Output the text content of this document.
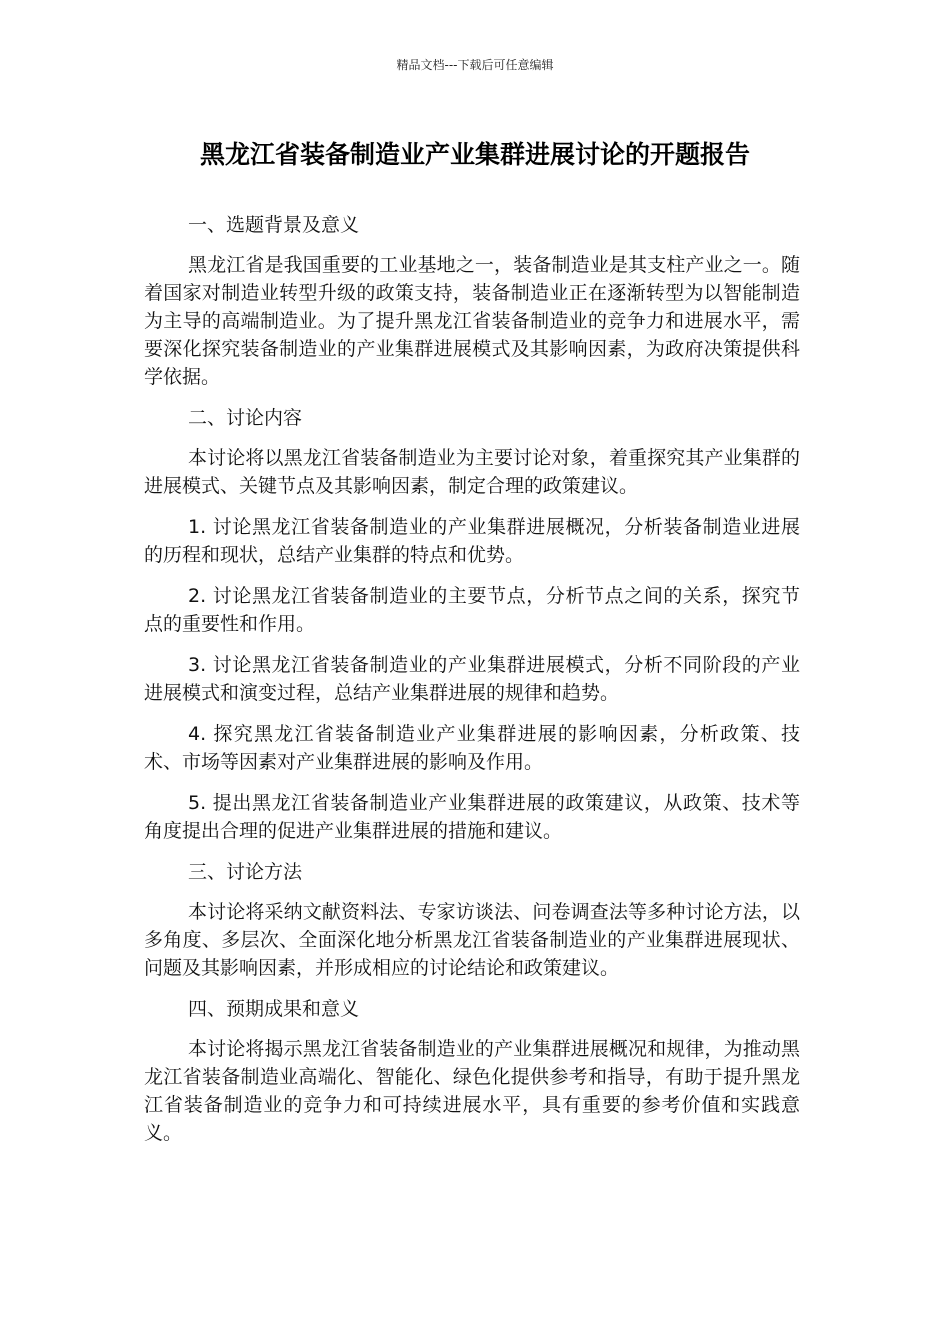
精品文档---下载后可任意编辑
黑龙江省装备制造业产业集群进展讨论的开题报告

一、选题背景及意义

黑龙江省是我国重要的工业基地之一，装备制造业是其支柱产业之一。随着国家对制造业转型升级的政策支持，装备制造业正在逐渐转型为以智能制造为主导的高端制造业。为了提升黑龙江省装备制造业的竞争力和进展水平，需要深化探究装备制造业的产业集群进展模式及其影响因素，为政府决策提供科学依据。

二、讨论内容

本讨论将以黑龙江省装备制造业为主要讨论对象，着重探究其产业集群的进展模式、关键节点及其影响因素，制定合理的政策建议。

1. 讨论黑龙江省装备制造业的产业集群进展概况，分析装备制造业进展的历程和现状，总结产业集群的特点和优势。

2. 讨论黑龙江省装备制造业的主要节点，分析节点之间的关系，探究节点的重要性和作用。

3. 讨论黑龙江省装备制造业的产业集群进展模式，分析不同阶段的产业进展模式和演变过程，总结产业集群进展的规律和趋势。

4. 探究黑龙江省装备制造业产业集群进展的影响因素，分析政策、技术、市场等因素对产业集群进展的影响及作用。

5. 提出黑龙江省装备制造业产业集群进展的政策建议，从政策、技术等角度提出合理的促进产业集群进展的措施和建议。

三、讨论方法

本讨论将采纳文献资料法、专家访谈法、问卷调查法等多种讨论方法，以多角度、多层次、全面深化地分析黑龙江省装备制造业的产业集群进展现状、问题及其影响因素，并形成相应的讨论结论和政策建议。

四、预期成果和意义

本讨论将揭示黑龙江省装备制造业的产业集群进展概况和规律，为推动黑龙江省装备制造业高端化、智能化、绿色化提供参考和指导，有助于提升黑龙江省装备制造业的竞争力和可持续进展水平，具有重要的参考价值和实践意义。
